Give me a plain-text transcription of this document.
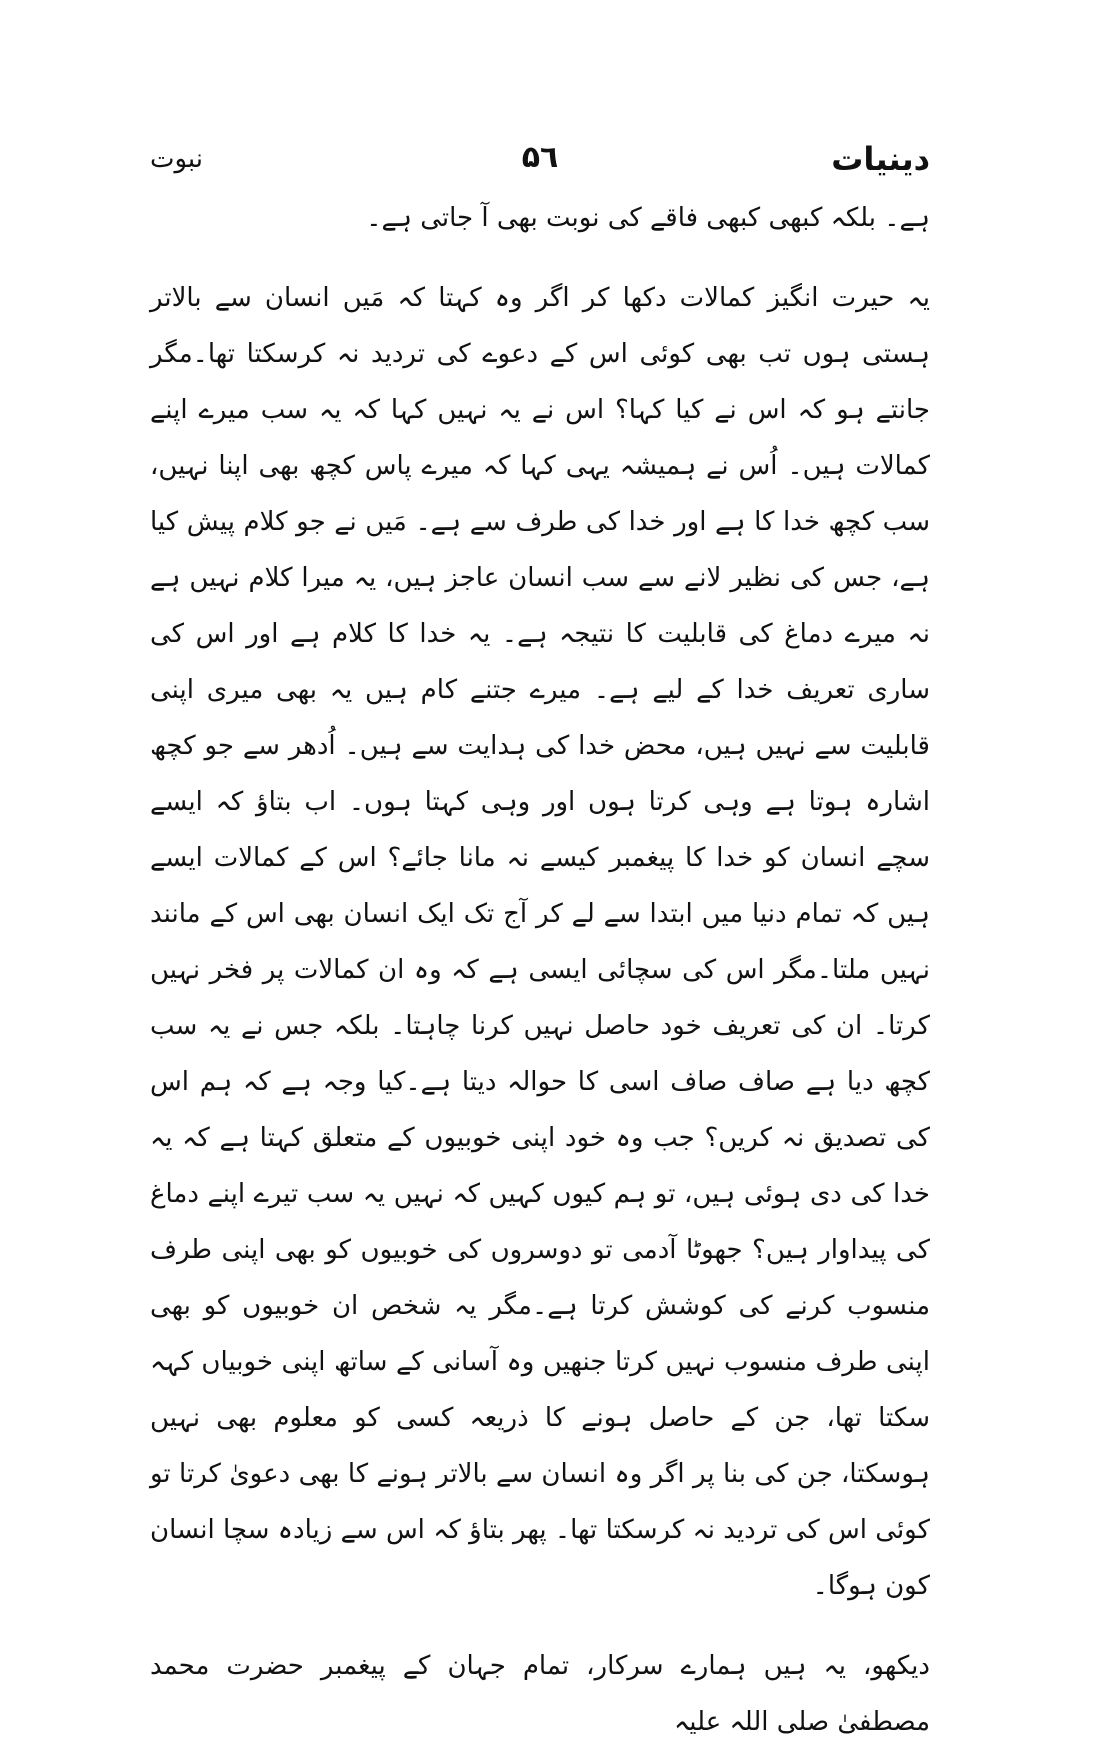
دینیات
۵٦
نبوت

ہے۔ بلکہ کبھی کبھی فاقے کی نوبت بھی آ جاتی ہے۔

یہ حیرت انگیز کمالات دکھا کر اگر وہ کہتا کہ مَیں انسان سے بالاتر ہستی ہوں تب بھی کوئی اس کے دعوے کی تردید نہ کرسکتا تھا۔مگر جانتے ہو کہ اس نے کیا کہا؟ اس نے یہ نہیں کہا کہ یہ سب میرے اپنے کمالات ہیں۔ اُس نے ہمیشہ یہی کہا کہ میرے پاس کچھ بھی اپنا نہیں، سب کچھ خدا کا ہے اور خدا کی طرف سے ہے۔ مَیں نے جو کلام پیش کیا ہے، جس کی نظیر لانے سے سب انسان عاجز ہیں، یہ میرا کلام نہیں ہے نہ میرے دماغ کی قابلیت کا نتیجہ ہے۔ یہ خدا کا کلام ہے اور اس کی ساری تعریف خدا کے لیے ہے۔ میرے جتنے کام ہیں یہ بھی میری اپنی قابلیت سے نہیں ہیں، محض خدا کی ہدایت سے ہیں۔ اُدھر سے جو کچھ اشارہ ہوتا ہے وہی کرتا ہوں اور وہی کہتا ہوں۔ اب بتاؤ کہ ایسے سچے انسان کو خدا کا پیغمبر کیسے نہ مانا جائے؟ اس کے کمالات ایسے ہیں کہ تمام دنیا میں ابتدا سے لے کر آج تک ایک انسان بھی اس کے مانند نہیں ملتا۔مگر اس کی سچائی ایسی ہے کہ وہ ان کمالات پر فخر نہیں کرتا۔ ان کی تعریف خود حاصل نہیں کرنا چاہتا۔ بلکہ جس نے یہ سب کچھ دیا ہے صاف صاف اسی کا حوالہ دیتا ہے۔کیا وجہ ہے کہ ہم اس کی تصدیق نہ کریں؟ جب وہ خود اپنی خوبیوں کے متعلق کہتا ہے کہ یہ خدا کی دی ہوئی ہیں، تو ہم کیوں کہیں کہ نہیں یہ سب تیرے اپنے دماغ کی پیداوار ہیں؟ جھوٹا آدمی تو دوسروں کی خوبیوں کو بھی اپنی طرف منسوب کرنے کی کوشش کرتا ہے۔مگر یہ شخص ان خوبیوں کو بھی اپنی طرف منسوب نہیں کرتا جنھیں وہ آسانی کے ساتھ اپنی خوبیاں کہہ سکتا تھا، جن کے حاصل ہونے کا ذریعہ کسی کو معلوم بھی نہیں ہوسکتا، جن کی بنا پر اگر وہ انسان سے بالاتر ہونے کا بھی دعویٰ کرتا تو کوئی اس کی تردید نہ کرسکتا تھا۔ پھر بتاؤ کہ اس سے زیادہ سچا انسان کون ہوگا۔

دیکھو، یہ ہیں ہمارے سرکار، تمام جہان کے پیغمبر حضرت محمد مصطفیٰ صلی اللہ علیہ
